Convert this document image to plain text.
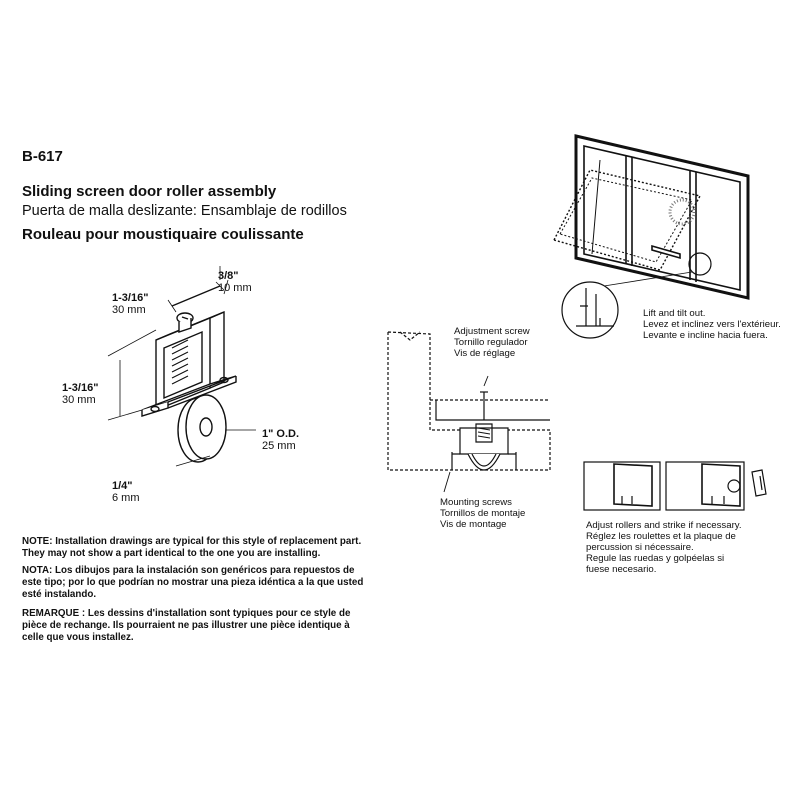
B-617
Sliding screen door roller assembly
Puerta de malla deslizante: Ensamblaje de rodillos
Rouleau pour moustiquaire coulissante
3/8"
10 mm
1-3/16"
30 mm
1-3/16"
30 mm
1" O.D.
25 mm
1/4"
6 mm
NOTE: Installation drawings are typical for this style of replacement part. They may not show a part identical to the one you are installing.
NOTA: Los dibujos para la instalación son genéricos para repuestos de este tipo; por lo que podrían no mostrar una pieza idéntica a la que usted esté instalando.
REMARQUE : Les dessins d'installation sont typiques pour ce style de pièce de rechange. Ils pourraient ne pas illustrer une pièce identique à celle que vous installez.
Lift and tilt out.
Levez et inclinez vers l'extérieur.
Levante e incline hacia fuera.
Adjustment screw
Tornillo regulador
Vis de réglage
Mounting screws
Tornillos de montaje
Vis de montage	Adjust rollers and strike if necessary.
Réglez les roulettes et la plaque de
percussion si nécessaire.
Regule las ruedas y golpéelas si
fuese necesario.
